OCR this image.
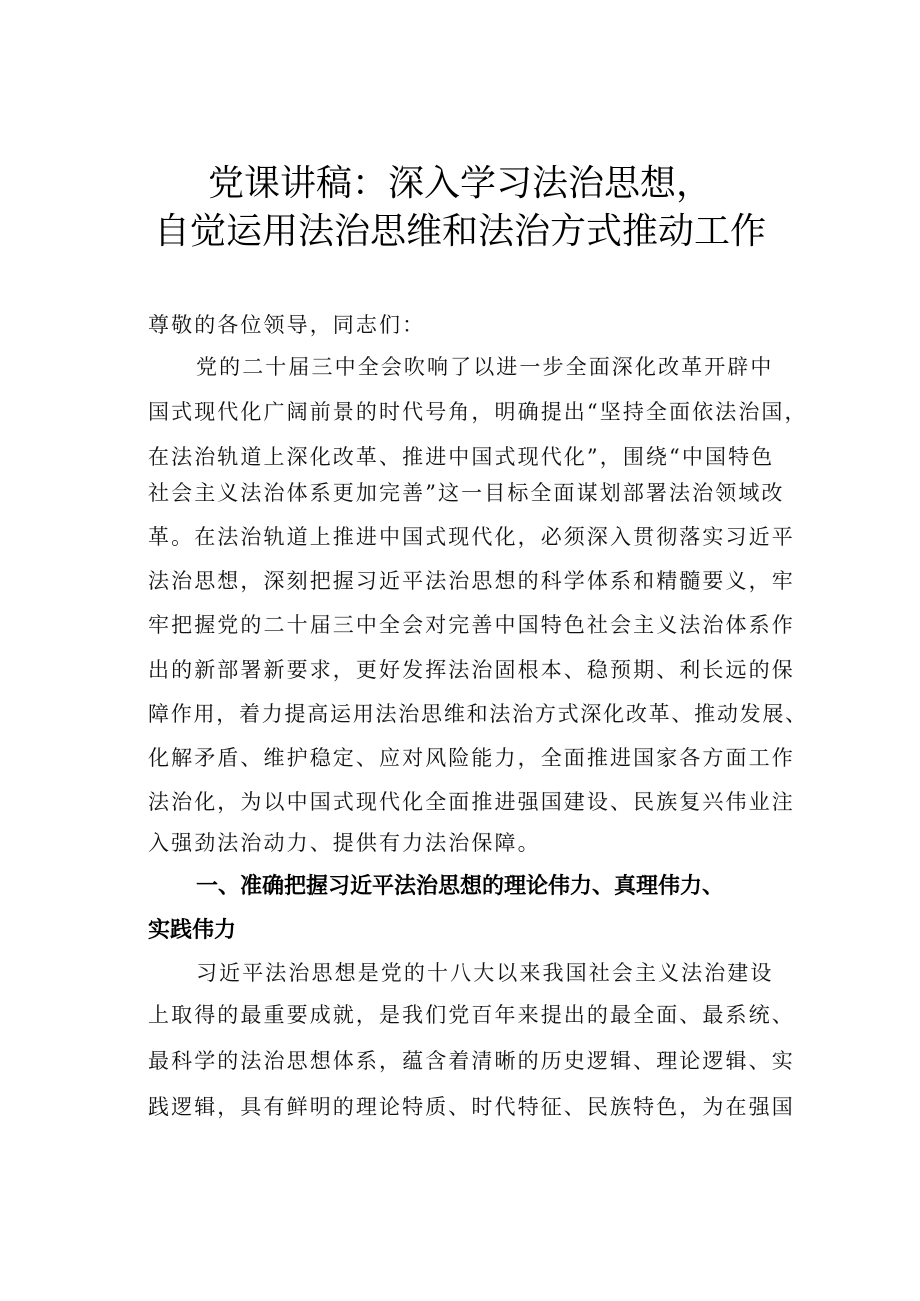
党课讲稿：深入学习法治思想，
自觉运用法治思维和法治方式推动工作
尊敬的各位领导，同志们：
党的二十届三中全会吹响了以进一步全面深化改革开辟中
国式现代化广阔前景的时代号角，明确提出“坚持全面依法治国，
在法治轨道上深化改革、推进中国式现代化”，围绕“中国特色
社会主义法治体系更加完善”这一目标全面谋划部署法治领域改
革。在法治轨道上推进中国式现代化，必须深入贯彻落实习近平
法治思想，深刻把握习近平法治思想的科学体系和精髓要义，牢
牢把握党的二十届三中全会对完善中国特色社会主义法治体系作
出的新部署新要求，更好发挥法治固根本、稳预期、利长远的保
障作用，着力提高运用法治思维和法治方式深化改革、推动发展、
化解矛盾、维护稳定、应对风险能力，全面推进国家各方面工作
法治化，为以中国式现代化全面推进强国建设、民族复兴伟业注
入强劲法治动力、提供有力法治保障。
一、准确把握习近平法治思想的理论伟力、真理伟力、
实践伟力
习近平法治思想是党的十八大以来我国社会主义法治建设
上取得的最重要成就，是我们党百年来提出的最全面、最系统、
最科学的法治思想体系，蕴含着清晰的历史逻辑、理论逻辑、实
践逻辑，具有鲜明的理论特质、时代特征、民族特色，为在强国
